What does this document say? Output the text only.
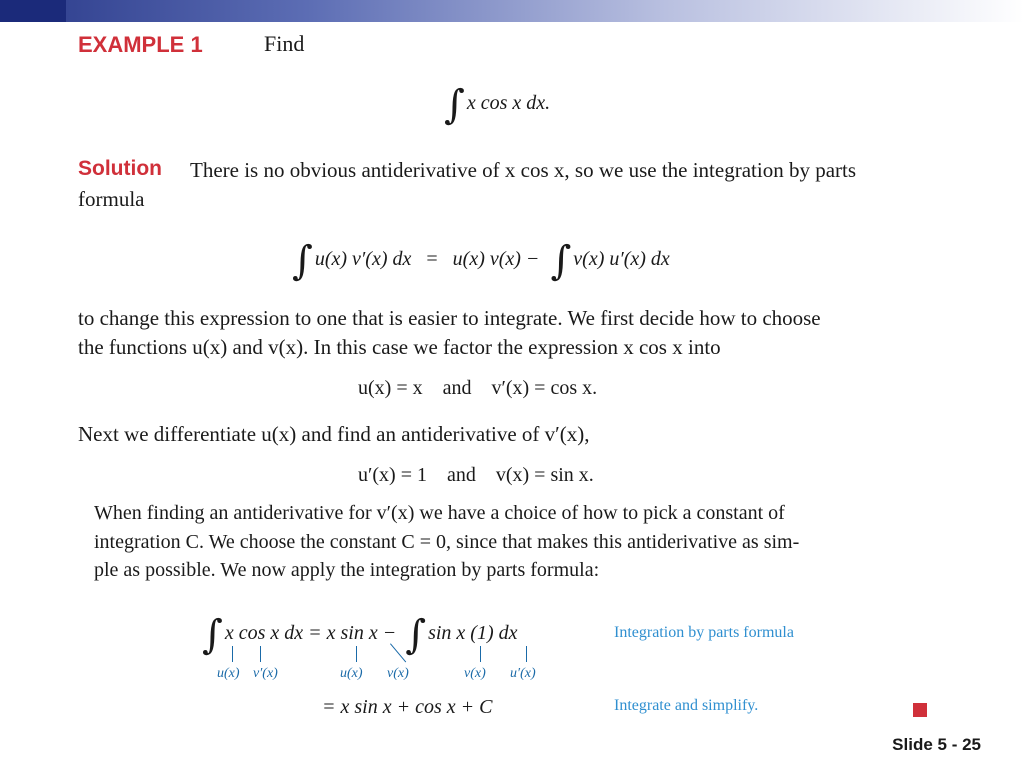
EXAMPLE 1	Find
∫ x cos x dx.
Solution There is no obvious antiderivative of x cos x, so we use the integration by parts
formula
∫ u(x) v′(x) dx = u(x) v(x) − ∫ v(x) u′(x) dx
to change this expression to one that is easier to integrate. We first decide how to choose
the functions u(x) and v(x). In this case we factor the expression x cos x into
u(x) = x    and    v′(x) = cos x.
Next we differentiate u(x) and find an antiderivative of v′(x),
u′(x) = 1    and    v(x) = sin x.
When finding an antiderivative for v′(x) we have a choice of how to pick a constant of
integration C. We choose the constant C = 0, since that makes this antiderivative as sim-
ple as possible. We now apply the integration by parts formula:
∫ x cos x dx = x sin x − ∫ sin x (1) dx	Integration by parts formula
u(x) v′(x)	u(x) v(x)	v(x) u′(x)
= x sin x + cos x + C	Integrate and simplify.
Slide 5 - 25
